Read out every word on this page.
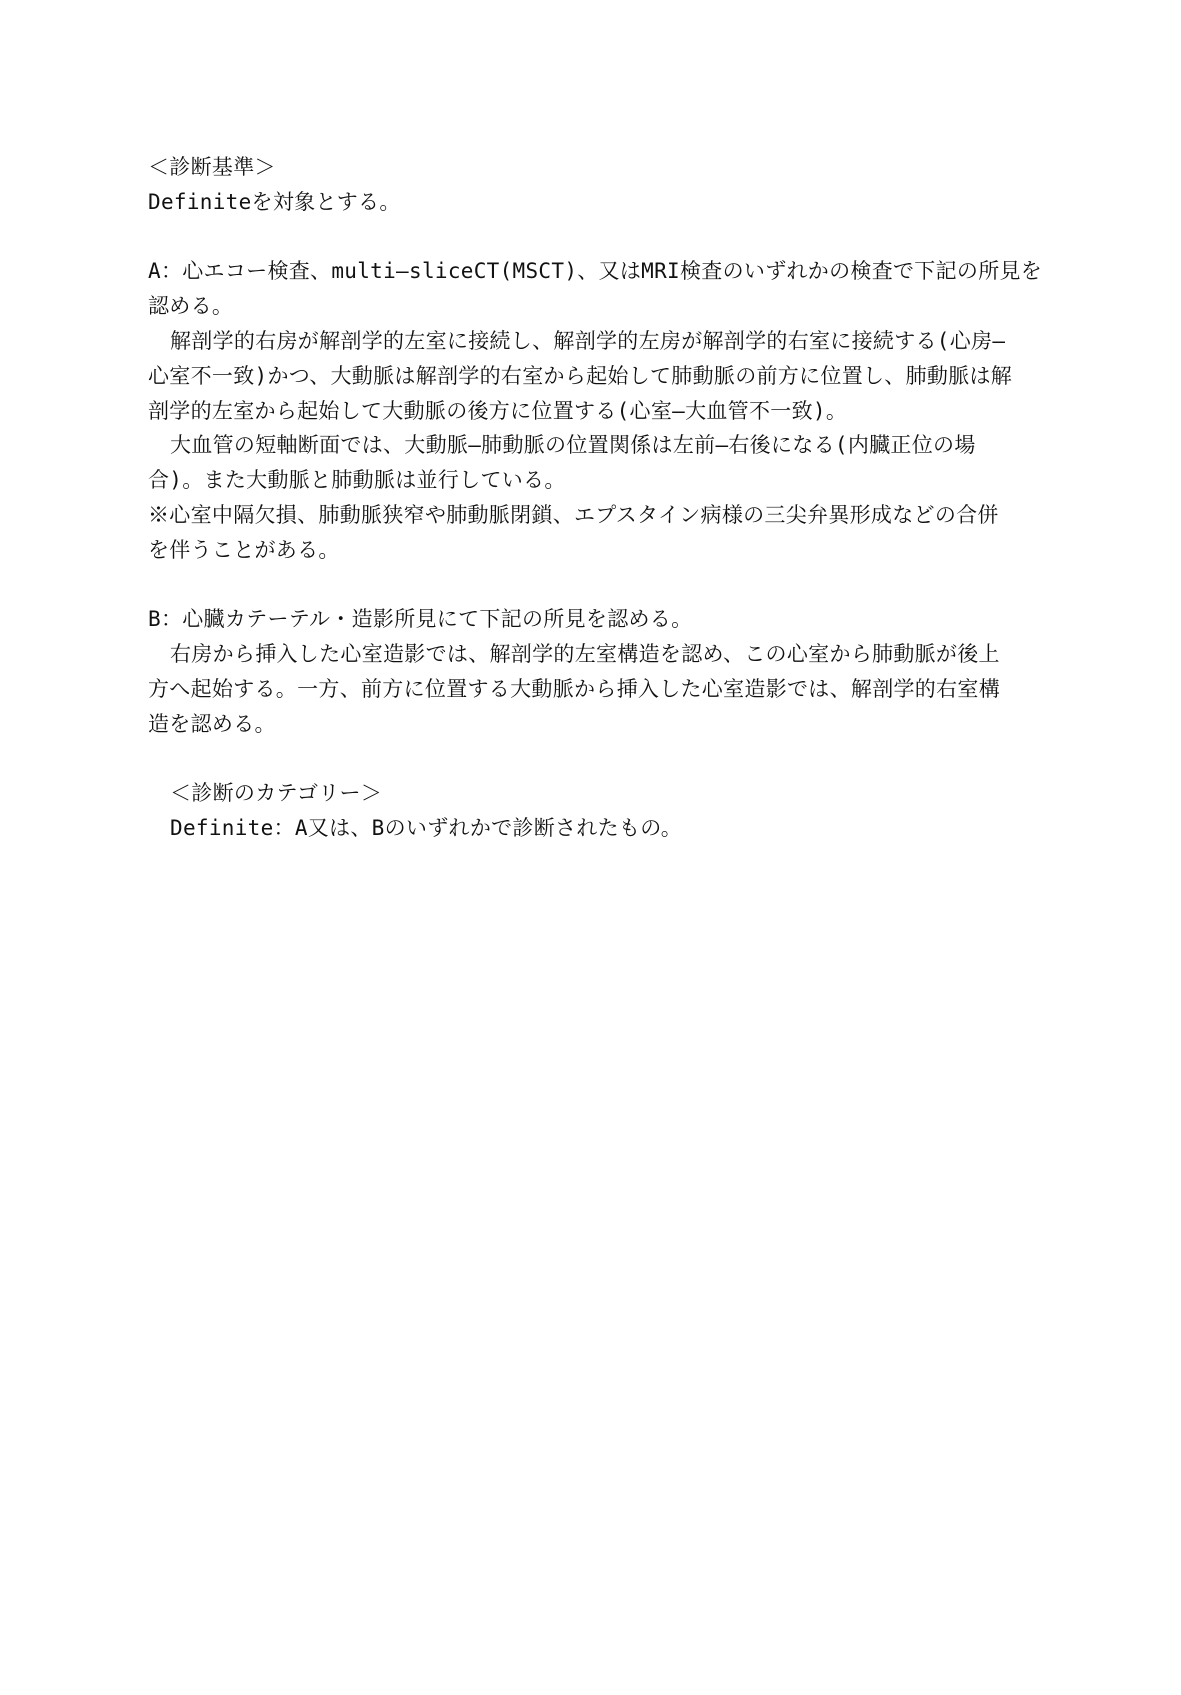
＜診断基準＞
Definiteを対象とする。
A：心エコー検査、multi—sliceCT(MSCT)、又はMRI検査のいずれかの検査で下記の所見を
認める。
解剖学的右房が解剖学的左室に接続し、解剖学的左房が解剖学的右室に接続する(心房—
心室不一致)かつ、大動脈は解剖学的右室から起始して肺動脈の前方に位置し、肺動脈は解
剖学的左室から起始して大動脈の後方に位置する(心室—大血管不一致)。
大血管の短軸断面では、大動脈—肺動脈の位置関係は左前—右後になる(内臓正位の場
合)。また大動脈と肺動脈は並行している。
※心室中隔欠損、肺動脈狭窄や肺動脈閉鎖、エプスタイン病様の三尖弁異形成などの合併
を伴うことがある。
B：心臓カテーテル・造影所見にて下記の所見を認める。
右房から挿入した心室造影では、解剖学的左室構造を認め、この心室から肺動脈が後上
方へ起始する。一方、前方に位置する大動脈から挿入した心室造影では、解剖学的右室構
造を認める。
＜診断のカテゴリー＞
Definite：A又は、Bのいずれかで診断されたもの。
